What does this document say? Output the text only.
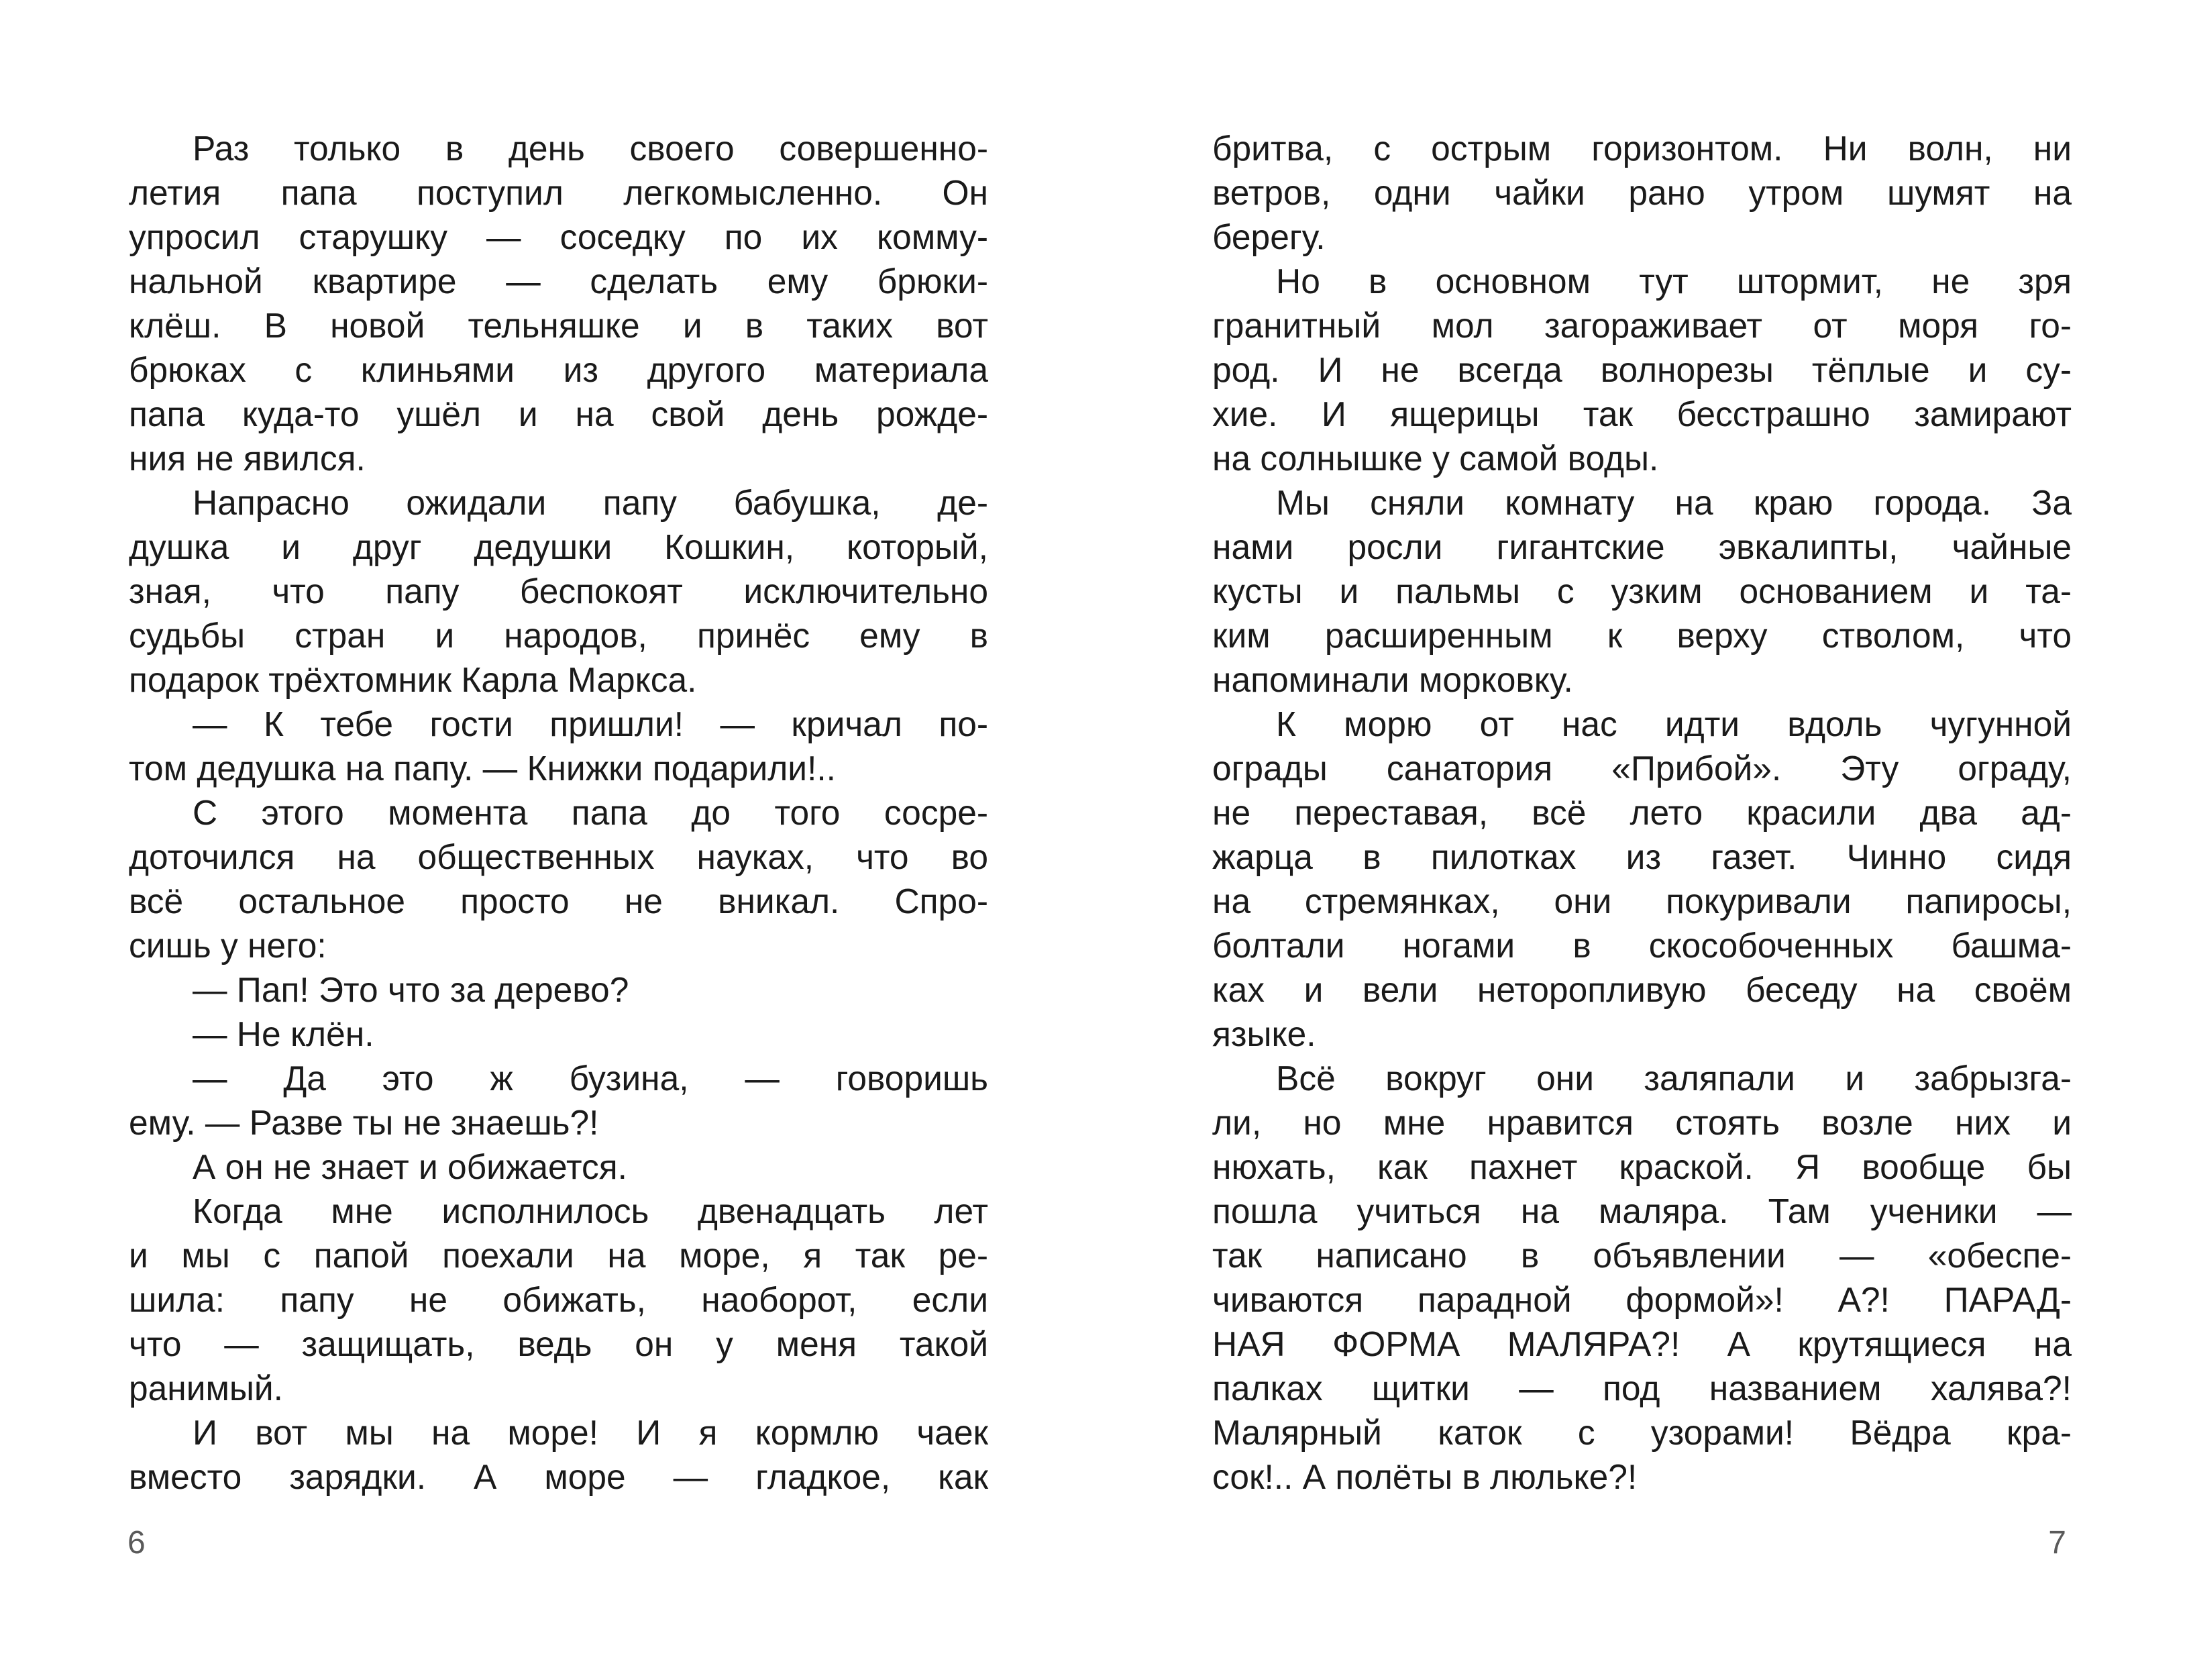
Раз только в день своего совершенно-
летия папа поступил легкомысленно. Он
упросил старушку — соседку по их комму-
нальной квартире — сделать ему брюки-
клёш. В новой тельняшке и в таких вот
брюках с клиньями из другого материала
папа куда-то ушёл и на свой день рожде-
ния не явился.
Напрасно ожидали папу бабушка, де-
душка и друг дедушки Кошкин, который,
зная, что папу беспокоят исключительно
судьбы стран и народов, принёс ему в
подарок трёхтомник Карла Маркса.
— К тебе гости пришли! — кричал по-
том дедушка на папу. — Книжки подарили!..
С этого момента папа до того сосре-
доточился на общественных науках, что во
всё остальное просто не вникал. Спро-
сишь у него:
— Пап! Это что за дерево?
— Не клён.
— Да это ж бузина, — говоришь
ему. — Разве ты не знаешь?!
А он не знает и обижается.
Когда мне исполнилось двенадцать лет
и мы с папой поехали на море, я так ре-
шила: папу не обижать, наоборот, если
что — защищать, ведь он у меня такой
ранимый.
И вот мы на море! И я кормлю чаек
вместо зарядки. А море — гладкое, как
6
бритва, с острым горизонтом. Ни волн, ни
ветров, одни чайки рано утром шумят на
берегу.
Но в основном тут штормит, не зря
гранитный мол загораживает от моря го-
род. И не всегда волнорезы тёплые и су-
хие. И ящерицы так бесстрашно замирают
на солнышке у самой воды.
Мы сняли комнату на краю города. За
нами росли гигантские эвкалипты, чайные
кусты и пальмы с узким основанием и та-
ким расширенным к верху стволом, что
напоминали морковку.
К морю от нас идти вдоль чугунной
ограды санатория «Прибой». Эту ограду,
не переставая, всё лето красили два ад-
жарца в пилотках из газет. Чинно сидя
на стремянках, они покуривали папиросы,
болтали ногами в скособоченных башма-
ках и вели неторопливую беседу на своём
языке.
Всё вокруг они заляпали и забрызга-
ли, но мне нравится стоять возле них и
нюхать, как пахнет краской. Я вообще бы
пошла учиться на маляра. Там ученики —
так написано в объявлении — «обеспе-
чиваются парадной формой»! А?! ПАРАД-
НАЯ ФОРМА МАЛЯРА?! А крутящиеся на
палках щитки — под названием халява?!
Малярный каток с узорами! Вёдра кра-
сок!.. А полёты в люльке?!
7
